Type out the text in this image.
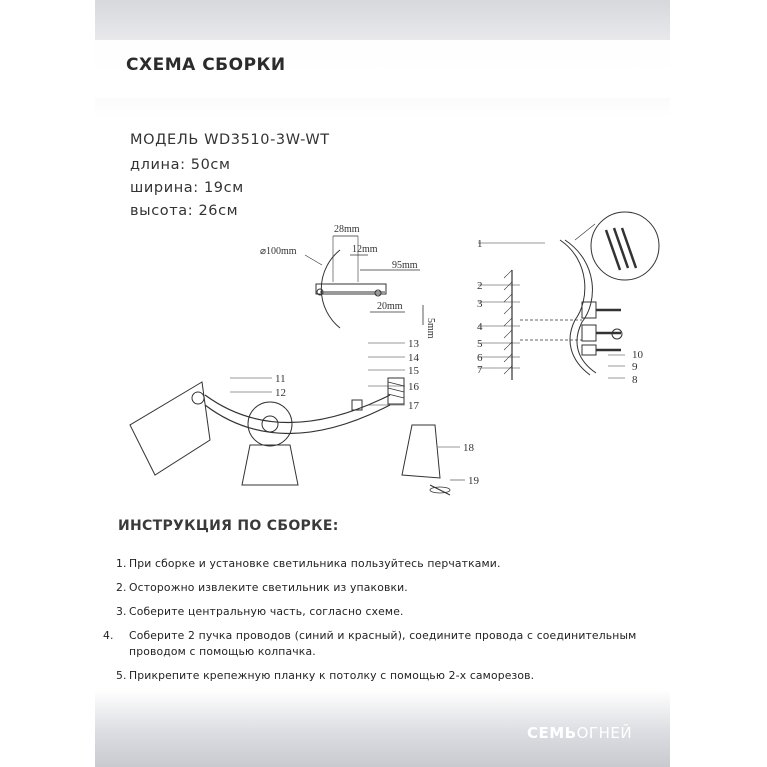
СХЕМА СБОРКИ
МОДЕЛЬ WD3510-3W-WT
длина: 50см
ширина: 19см
высота: 26см
⌀100mm
28mm
12mm
95mm
20mm
5mm
1
2
3
4
5
6
7
8
9
10
11
12
13
14
15
16
17
18
19
ИНСТРУКЦИЯ ПО СБОРКЕ:
1. При сборке и установке светильника пользуйтесь перчатками.
2. Осторожно извлеките светильник из упаковки.
3. Соберите центральную часть, согласно схеме.
4. Соберите 2 пучка проводов (синий и красный), соедините провода с соединительным проводом с помощью колпачка.
5. Прикрепите крепежную планку к потолку с помощью 2-х саморезов.
СЕМЬОГНЕЙ
